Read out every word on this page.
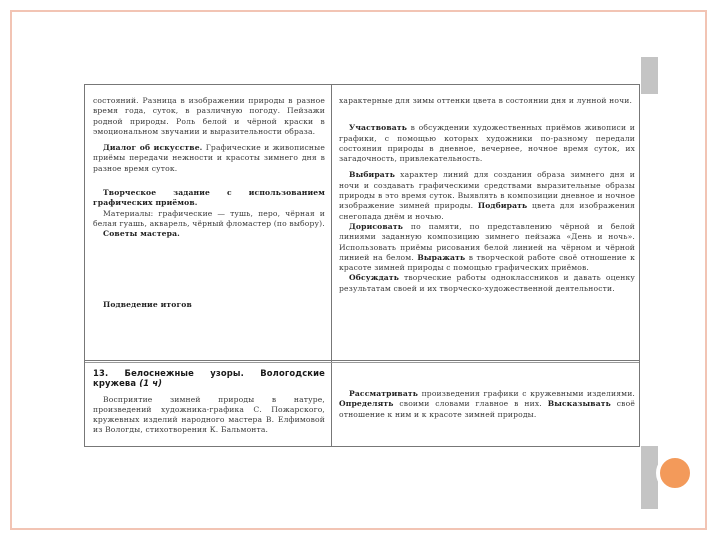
состояний. Разница в изображении природы в разное время года, суток, в различную погоду. Пейзажи родной природы. Роль белой и чёрной краски в эмоциональном звучании и выразительности образа.

Диалог об искусстве. Графические и живописные приёмы передачи нежности и красоты зимнего дня в разное время суток.

Творческое задание с использованием графических приёмов.

Материалы: графические — тушь, перо, чёрная и белая гуашь, акварель, чёрный фломастер (по выбору).

Советы мастера.

Подведение итогов

характерные для зимы оттенки цвета в состоянии дня и лунной ночи.

Участвовать в обсуждении художественных приёмов живописи и графики, с помощью которых художники по-разному передали состояния природы в дневное, вечернее, ночное время суток, их загадочность, привлекательность.

Выбирать характер линий для создания образа зимнего дня и ночи и создавать графическими средствами выразительные образы природы в это время суток. Выявлять в композиции дневное и ночное изображение зимней природы. Подбирать цвета для изображения снегопада днём и ночью.

Дорисовать по памяти, по представлению чёрной и белой линиями заданную композицию зимнего пейзажа «День и ночь». Использовать приёмы рисования белой линией на чёрном и чёрной линией на белом. Выражать в творческой работе своё отношение к красоте зимней природы с помощью графических приёмов.

Обсуждать творческие работы одноклассников и давать оценку результатам своей и их творческо-художественной деятельности.

13. Белоснежные узоры. Вологодские кружева (1 ч)

Восприятие зимней природы в натуре, произведений художника-графика С. Пожарского, кружевных изделий народного мастера В. Елфимовой из Вологды, стихотворения К. Бальмонта.

Рассматривать произведения графики с кружевными изделиями. Определять своими словами главное в них. Высказывать своё отношение к ним и к красоте зимней природы.
